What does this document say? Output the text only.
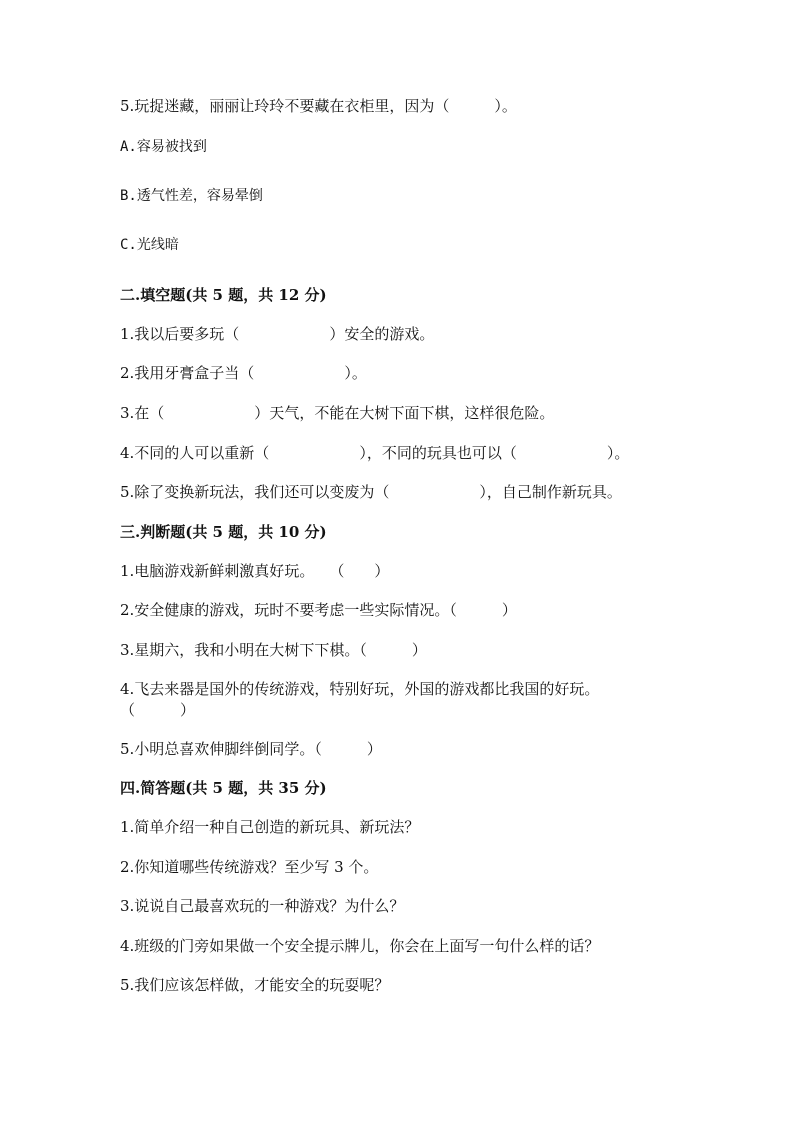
5.玩捉迷藏，丽丽让玲玲不要藏在衣柜里，因为（　　　）。
A.容易被找到
B.透气性差，容易晕倒
C.光线暗
二.填空题(共 5 题，共 12 分)
1.我以后要多玩（　　　　　　）安全的游戏。
2.我用牙膏盒子当（　　　　　　）。
3.在（　　　　　　）天气，不能在大树下面下棋，这样很危险。
4.不同的人可以重新（　　　　　　），不同的玩具也可以（　　　　　　）。
5.除了变换新玩法，我们还可以变废为（　　　　　　），自己制作新玩具。
三.判断题(共 5 题，共 10 分)
1.电脑游戏新鲜刺激真好玩。　　（　　）
2.安全健康的游戏，玩时不要考虑一些实际情况。（　　　）
3.星期六，我和小明在大树下下棋。（　　　）
4.飞去来器是国外的传统游戏，特别好玩，外国的游戏都比我国的好玩。
（　　　）
5.小明总喜欢伸脚绊倒同学。（　　　）
四.简答题(共 5 题，共 35 分)
1.简单介绍一种自己创造的新玩具、新玩法？
2.你知道哪些传统游戏？至少写 3 个。
3.说说自己最喜欢玩的一种游戏？为什么？
4.班级的门旁如果做一个安全提示牌儿，你会在上面写一句什么样的话？
5.我们应该怎样做，才能安全的玩耍呢？
